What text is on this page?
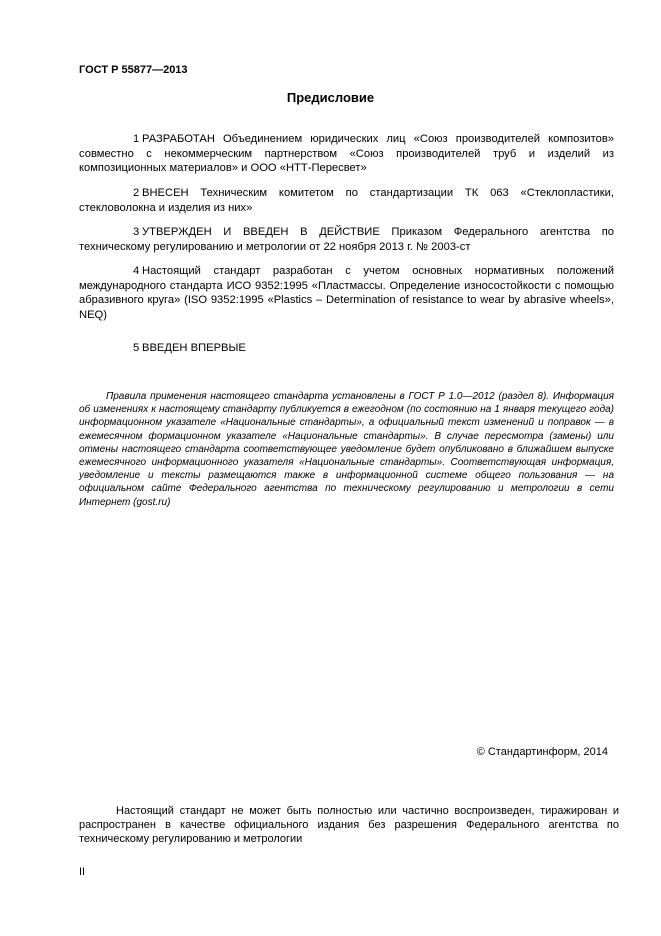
ГОСТ Р 55877—2013
Предисловие
1 РАЗРАБОТАН Объединением юридических лиц «Союз производителей композитов» совместно с некоммерческим партнерством «Союз производителей труб и изделий из композиционных материалов» и ООО «НТТ-Пересвет»
2 ВНЕСЕН Техническим комитетом по стандартизации ТК 063 «Стеклопластики, стекловолокна и изделия из них»
3 УТВЕРЖДЕН И ВВЕДЕН В ДЕЙСТВИЕ Приказом Федерального агентства по техническому регулированию и метрологии от 22 ноября 2013 г. № 2003-ст
4 Настоящий стандарт разработан с учетом основных нормативных положений международного стандарта ИСО 9352:1995 «Пластмассы. Определение износостойкости с помощью абразивного круга» (ISO 9352:1995 «Plastics – Determination of resistance to wear by abrasive wheels», NEQ)
5 ВВЕДЕН ВПЕРВЫЕ
Правила применения настоящего стандарта установлены в ГОСТ Р 1.0—2012 (раздел 8). Информация об изменениях к настоящему стандарту публикуется в ежегодном (по состоянию на 1 января текущего года) информационном указателе «Национальные стандарты», а официальный текст изменений и поправок — в ежемесячном формационном указателе «Национальные стандарты». В случае пересмотра (замены) или отмены настоящего стандарта соответствующее уведомление будет опубликовано в ближайшем выпуске ежемесячного информационного указателя «Национальные стандарты». Соответствующая информация, уведомление и тексты размещаются также в информационной системе общего пользования — на официальном сайте Федерального агентства по техническому регулированию и метрологии в сети Интернет (gost.ru)
© Стандартинформ, 2014
Настоящий стандарт не может быть полностью или частично воспроизведен, тиражирован и распространен в качестве официального издания без разрешения Федерального агентства по техническому регулированию и метрологии
II
